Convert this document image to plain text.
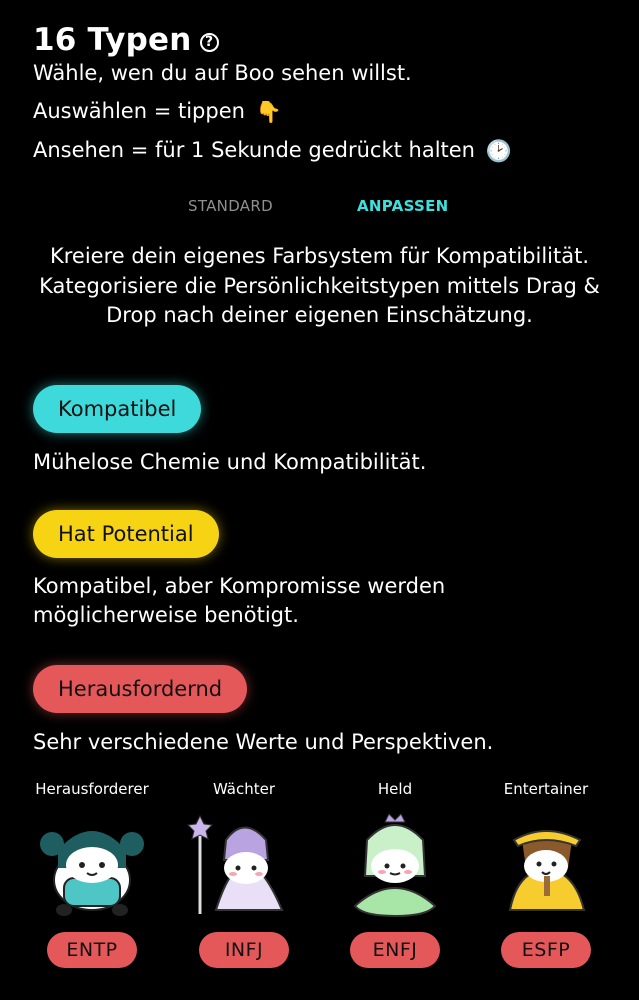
16 Typen ?
Wähle, wen du auf Boo sehen willst.
Auswählen = tippen 👇
Ansehen = für 1 Sekunde gedrückt halten 🕑
STANDARD	ANPASSEN
Kreiere dein eigenes Farbsystem für Kompatibilität. Kategorisiere die Persönlichkeitstypen mittels Drag & Drop nach deiner eigenen Einschätzung.
Kompatibel
Mühelose Chemie und Kompatibilität.
Hat Potential
Kompatibel, aber Kompromisse werden möglicherweise benötigt.
Herausfordernd
Sehr verschiedene Werte und Perspektiven.
Herausforderer
ENTP
Wächter
INFJ
Held
ENFJ
Entertainer
ESFP
